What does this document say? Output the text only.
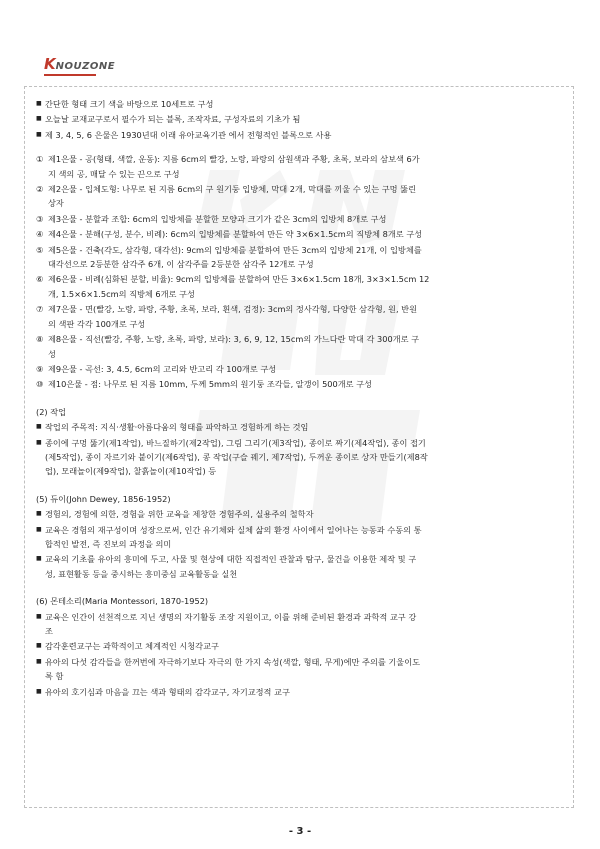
KNOUZONE
■ 간단한 형태 크기 색을 바탕으로 10세트로 구성
■ 오늘날 교재교구로서 필수가 되는 블록, 조작자료, 구성자료의 기초가 됨
■ 제 3, 4, 5, 6 은물은 1930년대 이래 유아교육기관 에서 전형적인 블록으로 사용
① 제1은물 - 공(형태, 색깔, 운동): 지름 6cm의 빨강, 노랑, 파랑의 삼원색과 주황, 초록, 보라의 삼보색 6가
지 색의 공, 매달 수 있는 끈으로 구성
② 제2은물 - 입체도형: 나무로 된 지름 6cm의 구 원기둥 입방체, 막대 2개, 막대를 끼울 수 있는 구멍 뚫린
상자
③ 제3은물 - 분할과 조합: 6cm의 입방체를 분할한 모양과 크기가 같은 3cm의 입방체 8개로 구성
④ 제4은물 - 분해(구성, 분수, 비례): 6cm의 입방체를 분할하여 만든 약 3×6×1.5cm의 직방체 8개로 구성
⑤ 제5은물 - 건축(각도, 삼각형, 대각선): 9cm의 입방체를 분할하여 만든 3cm의 입방체 21개, 이 입방체를
대각선으로 2등분한 삼각주 6개, 이 삼각주를 2등분한 삼각주 12개로 구성
⑥ 제6은물 - 비례(심화된 분할, 비율): 9cm의 입방체를 분할하여 만든 3×6×1.5cm 18개, 3×3×1.5cm 12
개, 1.5×6×1.5cm의 직방체 6개로 구성
⑦ 제7은물 - 면(빨강, 노랑, 파랑, 주황, 초록, 보라, 흰색, 검정): 3cm의 정사각형, 다양한 삼각형, 원, 반원
의 색판 각각 100개로 구성
⑧ 제8은물 - 직선(빨강, 주황, 노랑, 초록, 파랑, 보라): 3, 6, 9, 12, 15cm의 가느다란 막대 각 300개로 구
성
⑨ 제9은물 - 곡선: 3, 4.5, 6cm의 고리와 반고리 각 100개로 구성
⑩ 제10은물 - 점: 나무로 된 지름 10mm, 두께 5mm의 원기둥 조각들, 알갱이 500개로 구성
(2) 작업
■ 작업의 주목적: 지식·생활·아름다움의 형태를 파악하고 경험하게 하는 것임
■ 종이에 구멍 뚫기(제1작업), 바느질하기(제2작업), 그림 그리기(제3작업), 종이로 짜기(제4작업), 종이 접기
(제5작업), 종이 자르기와 붙이기(제6작업), 콩 작업(구슬 꿰기, 제7작업), 두꺼운 종이로 상자 만들기(제8작
업), 모래놀이(제9작업), 찰흙놀이(제10작업) 등
(5) 듀이(John Dewey, 1856-1952)
■ 경험의, 경험에 의한, 경험을 위한 교육을 제창한 경험주의, 실용주의 철학자
■ 교육은 경험의 재구성이며 성장으로써, 인간 유기체와 실체 삶의 환경 사이에서 일어나는 능동과 수동의 통
합적인 발전, 즉 진보의 과정을 의미
■ 교육의 기초를 유아의 흥미에 두고, 사물 및 현상에 대한 직접적인 관찰과 탐구, 물건을 이용한 제작 및 구
성, 표현활동 등을 중시하는 흥미중심 교육활동을 실천
(6) 몬테소리(Maria Montessori, 1870-1952)
■ 교육은 인간이 선천적으로 지닌 생명의 자기활동 조장 지원이고, 이를 위해 준비된 환경과 과학적 교구 강
조
■ 감각훈련교구는 과학적이고 체계적인 시청각교구
■ 유아의 다섯 감각들을 한꺼번에 자극하기보다 자극의 한 가지 속성(색깔, 형태, 무게)에만 주의를 기울이도
록 함
■ 유아의 호기심과 마음을 끄는 색과 형태의 감각교구, 자기교정적 교구
- 3 -
